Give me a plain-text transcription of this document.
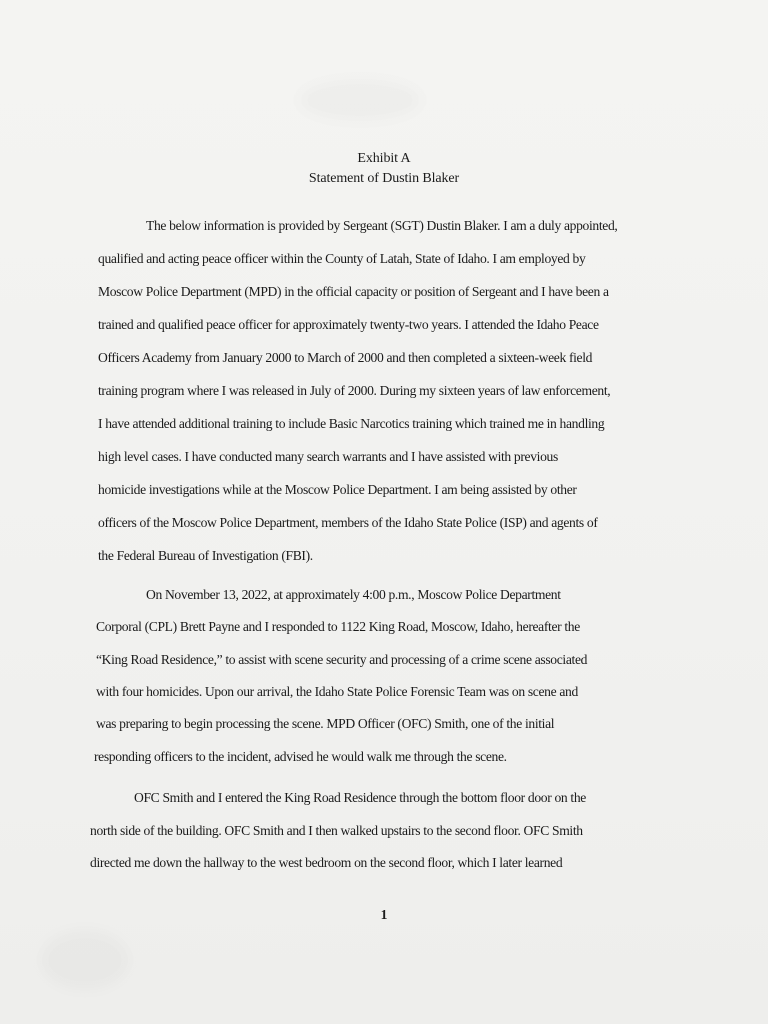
Exhibit A
Statement of Dustin Blaker
The below information is provided by Sergeant (SGT) Dustin Blaker. I am a duly appointed,
qualified and acting peace officer within the County of Latah, State of Idaho. I am employed by
Moscow Police Department (MPD) in the official capacity or position of Sergeant and I have been a
trained and qualified peace officer for approximately twenty-two years. I attended the Idaho Peace
Officers Academy from January 2000 to March of 2000 and then completed a sixteen-week field
training program where I was released in July of 2000. During my sixteen years of law enforcement,
I have attended additional training to include Basic Narcotics training which trained me in handling
high level cases. I have conducted many search warrants and I have assisted with previous
homicide investigations while at the Moscow Police Department. I am being assisted by other
officers of the Moscow Police Department, members of the Idaho State Police (ISP) and agents of
the Federal Bureau of Investigation (FBI).
On November 13, 2022, at approximately 4:00 p.m., Moscow Police Department
Corporal (CPL) Brett Payne and I responded to 1122 King Road, Moscow, Idaho, hereafter the
“King Road Residence,” to assist with scene security and processing of a crime scene associated
with four homicides. Upon our arrival, the Idaho State Police Forensic Team was on scene and
was preparing to begin processing the scene. MPD Officer (OFC) Smith, one of the initial
responding officers to the incident, advised he would walk me through the scene.
OFC Smith and I entered the King Road Residence through the bottom floor door on the
north side of the building. OFC Smith and I then walked upstairs to the second floor. OFC Smith
directed me down the hallway to the west bedroom on the second floor, which I later learned
1
